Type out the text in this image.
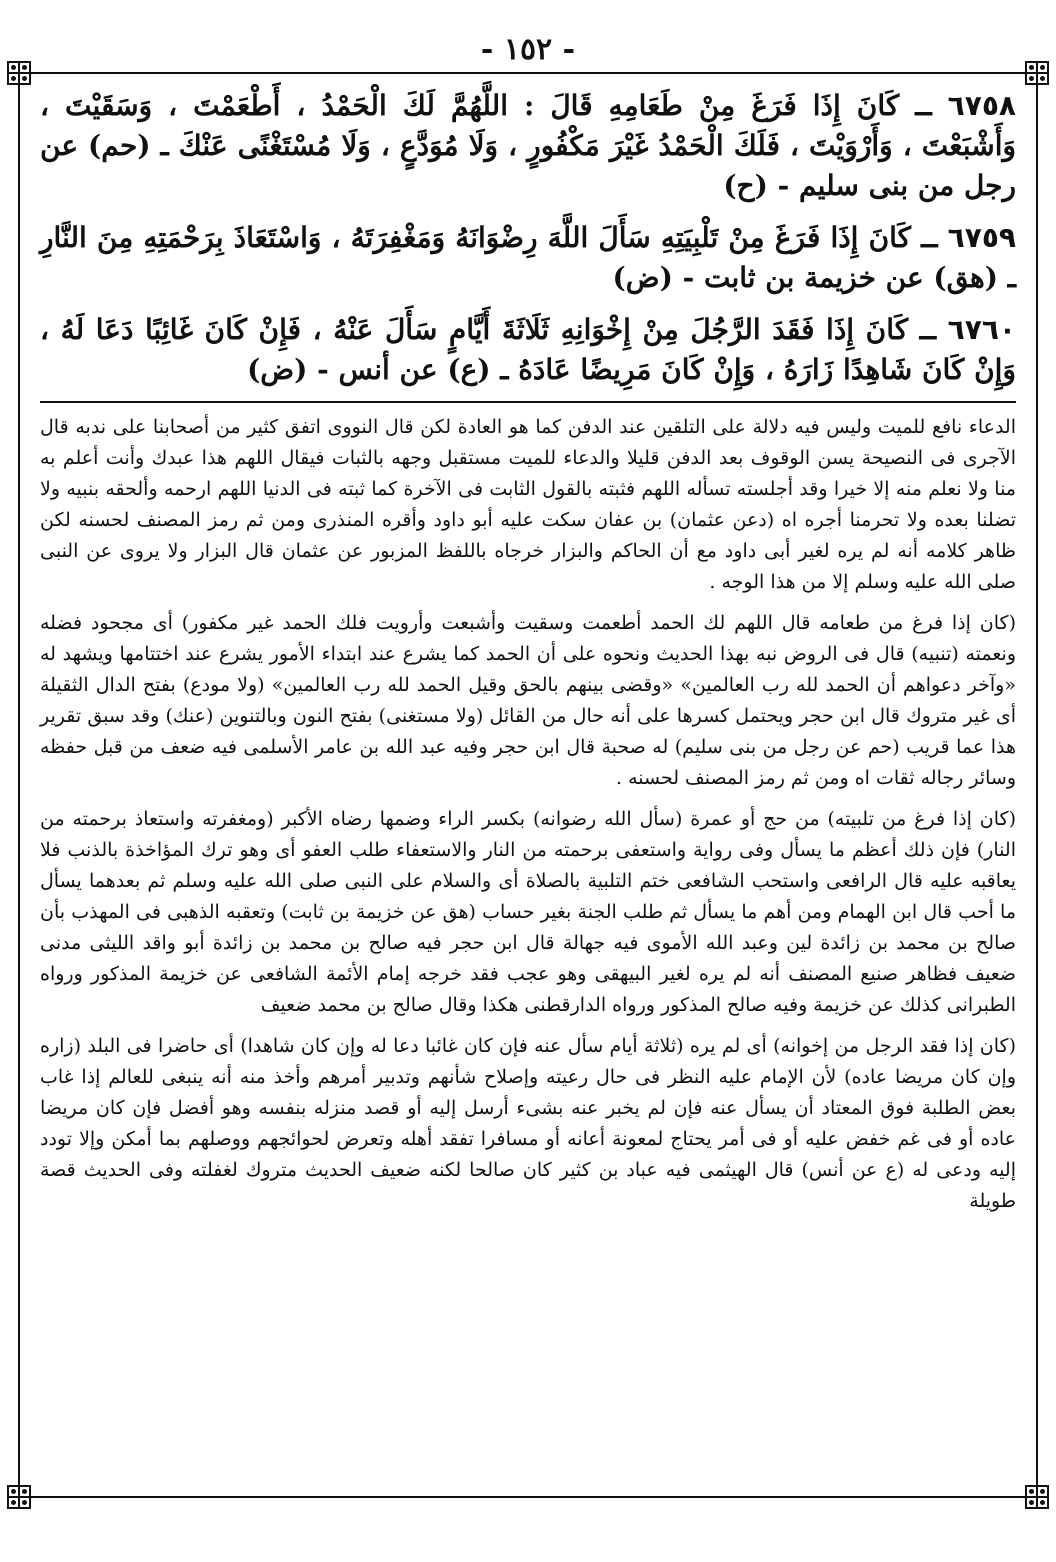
- ١٥٢ -

٦٧٥٨ ــ كَانَ إِذَا فَرَغَ مِنْ طَعَامِهِ قَالَ : اللَّهُمَّ لَكَ الْحَمْدُ ، أَطْعَمْتَ ، وَسَقَيْتَ ، وَأَشْبَعْتَ ، وَأَرْوَيْتَ ، فَلَكَ الْحَمْدُ غَيْرَ مَكْفُورٍ ، وَلَا مُوَدَّعٍ ، وَلَا مُسْتَغْنًى عَنْكَ ـ (حم) عن رجل من بنى سليم - (ح)

٦٧٥٩ ــ كَانَ إِذَا فَرَغَ مِنْ تَلْبِيَتِهِ سَأَلَ اللَّهَ رِضْوَانَهُ وَمَغْفِرَتَهُ ، وَاسْتَعَاذَ بِرَحْمَتِهِ مِنَ النَّارِ ـ (هق) عن خزيمة بن ثابت - (ض)

٦٧٦٠ ــ كَانَ إِذَا فَقَدَ الرَّجُلَ مِنْ إِخْوَانِهِ ثَلَاثَةَ أَيَّامٍ سَأَلَ عَنْهُ ، فَإِنْ كَانَ غَائِبًا دَعَا لَهُ ، وَإِنْ كَانَ شَاهِدًا زَارَهُ ، وَإِنْ كَانَ مَرِيضًا عَادَهُ ـ (ع) عن أنس - (ض)

الدعاء نافع للميت وليس فيه دلالة على التلقين عند الدفن كما هو العادة لكن قال النووى اتفق كثير من أصحابنا على ندبه قال الآجرى فى النصيحة يسن الوقوف بعد الدفن قليلا والدعاء للميت مستقبل وجهه بالثبات فيقال اللهم هذا عبدك وأنت أعلم به منا ولا نعلم منه إلا خيرا وقد أجلسته تسأله اللهم فثبته بالقول الثابت فى الآخرة كما ثبته فى الدنيا اللهم ارحمه وألحقه بنبيه ولا تضلنا بعده ولا تحرمنا أجره اه (دعن عثمان) بن عفان سكت عليه أبو داود وأقره المنذرى ومن ثم رمز المصنف لحسنه لكن ظاهر كلامه أنه لم يره لغير أبى داود مع أن الحاكم والبزار خرجاه باللفظ المزبور عن عثمان قال البزار ولا يروى عن النبى صلى الله عليه وسلم إلا من هذا الوجه .

(كان إذا فرغ من طعامه قال اللهم لك الحمد أطعمت وسقيت وأشبعت وأرويت فلك الحمد غير مكفور) أى مجحود فضله ونعمته (تنبيه) قال فى الروض نبه بهذا الحديث ونحوه على أن الحمد كما يشرع عند ابتداء الأمور يشرع عند اختتامها ويشهد له «وآخر دعواهم أن الحمد لله رب العالمين» «وقضى بينهم بالحق وقيل الحمد لله رب العالمين» (ولا مودع) بفتح الدال الثقيلة أى غير متروك قال ابن حجر ويحتمل كسرها على أنه حال من القائل (ولا مستغنى) بفتح النون وبالتنوين (عنك) وقد سبق تقرير هذا عما قريب (حم عن رجل من بنى سليم) له صحبة قال ابن حجر وفيه عبد الله بن عامر الأسلمى فيه ضعف من قبل حفظه وسائر رجاله ثقات اه ومن ثم رمز المصنف لحسنه .

(كان إذا فرغ من تلبيته) من حج أو عمرة (سأل الله رضوانه) بكسر الراء وضمها رضاه الأكبر (ومغفرته واستعاذ برحمته من النار) فإن ذلك أعظم ما يسأل وفى رواية واستعفى برحمته من النار والاستعفاء طلب العفو أى وهو ترك المؤاخذة بالذنب فلا يعاقبه عليه قال الرافعى واستحب الشافعى ختم التلبية بالصلاة أى والسلام على النبى صلى الله عليه وسلم ثم بعدهما يسأل ما أحب قال ابن الهمام ومن أهم ما يسأل ثم طلب الجنة بغير حساب (هق عن خزيمة بن ثابت) وتعقبه الذهبى فى المهذب بأن صالح بن محمد بن زائدة لين وعبد الله الأموى فيه جهالة قال ابن حجر فيه صالح بن محمد بن زائدة أبو واقد الليثى مدنى ضعيف فظاهر صنيع المصنف أنه لم يره لغير البيهقى وهو عجب فقد خرجه إمام الأئمة الشافعى عن خزيمة المذكور ورواه الطبرانى كذلك عن خزيمة وفيه صالح المذكور ورواه الدارقطنى هكذا وقال صالح بن محمد ضعيف

(كان إذا فقد الرجل من إخوانه) أى لم يره (ثلاثة أيام سأل عنه فإن كان غائبا دعا له وإن كان شاهدا) أى حاضرا فى البلد (زاره وإن كان مريضا عاده) لأن الإمام عليه النظر فى حال رعيته وإصلاح شأنهم وتدبير أمرهم وأخذ منه أنه ينبغى للعالم إذا غاب بعض الطلبة فوق المعتاد أن يسأل عنه فإن لم يخبر عنه بشىء أرسل إليه أو قصد منزله بنفسه وهو أفضل فإن كان مريضا عاده أو فى غم خفض عليه أو فى أمر يحتاج لمعونة أعانه أو مسافرا تفقد أهله وتعرض لحوائجهم ووصلهم بما أمكن وإلا تودد إليه ودعى له (ع عن أنس) قال الهيثمى فيه عباد بن كثير كان صالحا لكنه ضعيف الحديث متروك لغفلته وفى الحديث قصة طويلة
